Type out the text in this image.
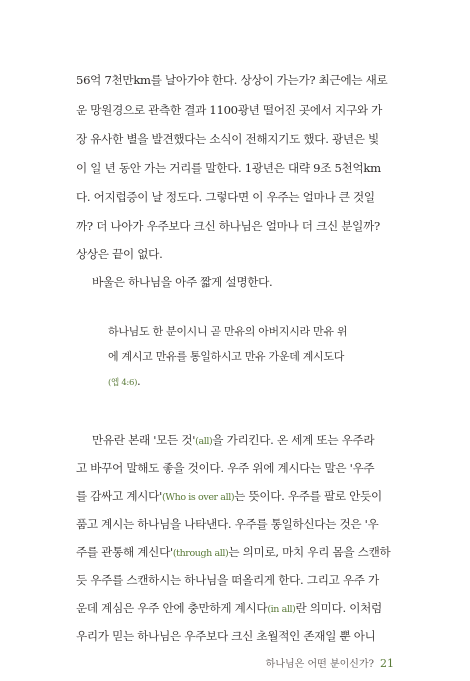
56억 7천만km를 날아가야 한다. 상상이 가는가? 최근에는 새로
운 망원경으로 관측한 결과 1100광년 떨어진 곳에서 지구와 가
장 유사한 별을 발견했다는 소식이 전해지기도 했다. 광년은 빛
이 일 년 동안 가는 거리를 말한다. 1광년은 대략 9조 5천억km
다. 어지럽증이 날 정도다. 그렇다면 이 우주는 얼마나 큰 것일
까? 더 나아가 우주보다 크신 하나님은 얼마나 더 크신 분일까?
상상은 끝이 없다.
바울은 하나님을 아주 짧게 설명한다.
하나님도 한 분이시니 곧 만유의 아버지시라 만유 위
에 계시고 만유를 통일하시고 만유 가운데 계시도다
(엡 4:6).
만유란 본래 '모든 것'(all)을 가리킨다. 온 세계 또는 우주라
고 바꾸어 말해도 좋을 것이다. 우주 위에 계시다는 말은 '우주
를 감싸고 계시다'(Who is over all)는 뜻이다. 우주를 팔로 안듯이
품고 계시는 하나님을 나타낸다. 우주를 통일하신다는 것은 '우
주를 관통해 계신다'(through all)는 의미로, 마치 우리 몸을 스캔하
듯 우주를 스캔하시는 하나님을 떠올리게 한다. 그리고 우주 가
운데 계심은 우주 안에 충만하게 계시다(in all)란 의미다. 이처럼
우리가 믿는 하나님은 우주보다 크신 초월적인 존재일 뿐 아니
하나님은 어떤 분이신가? 21
